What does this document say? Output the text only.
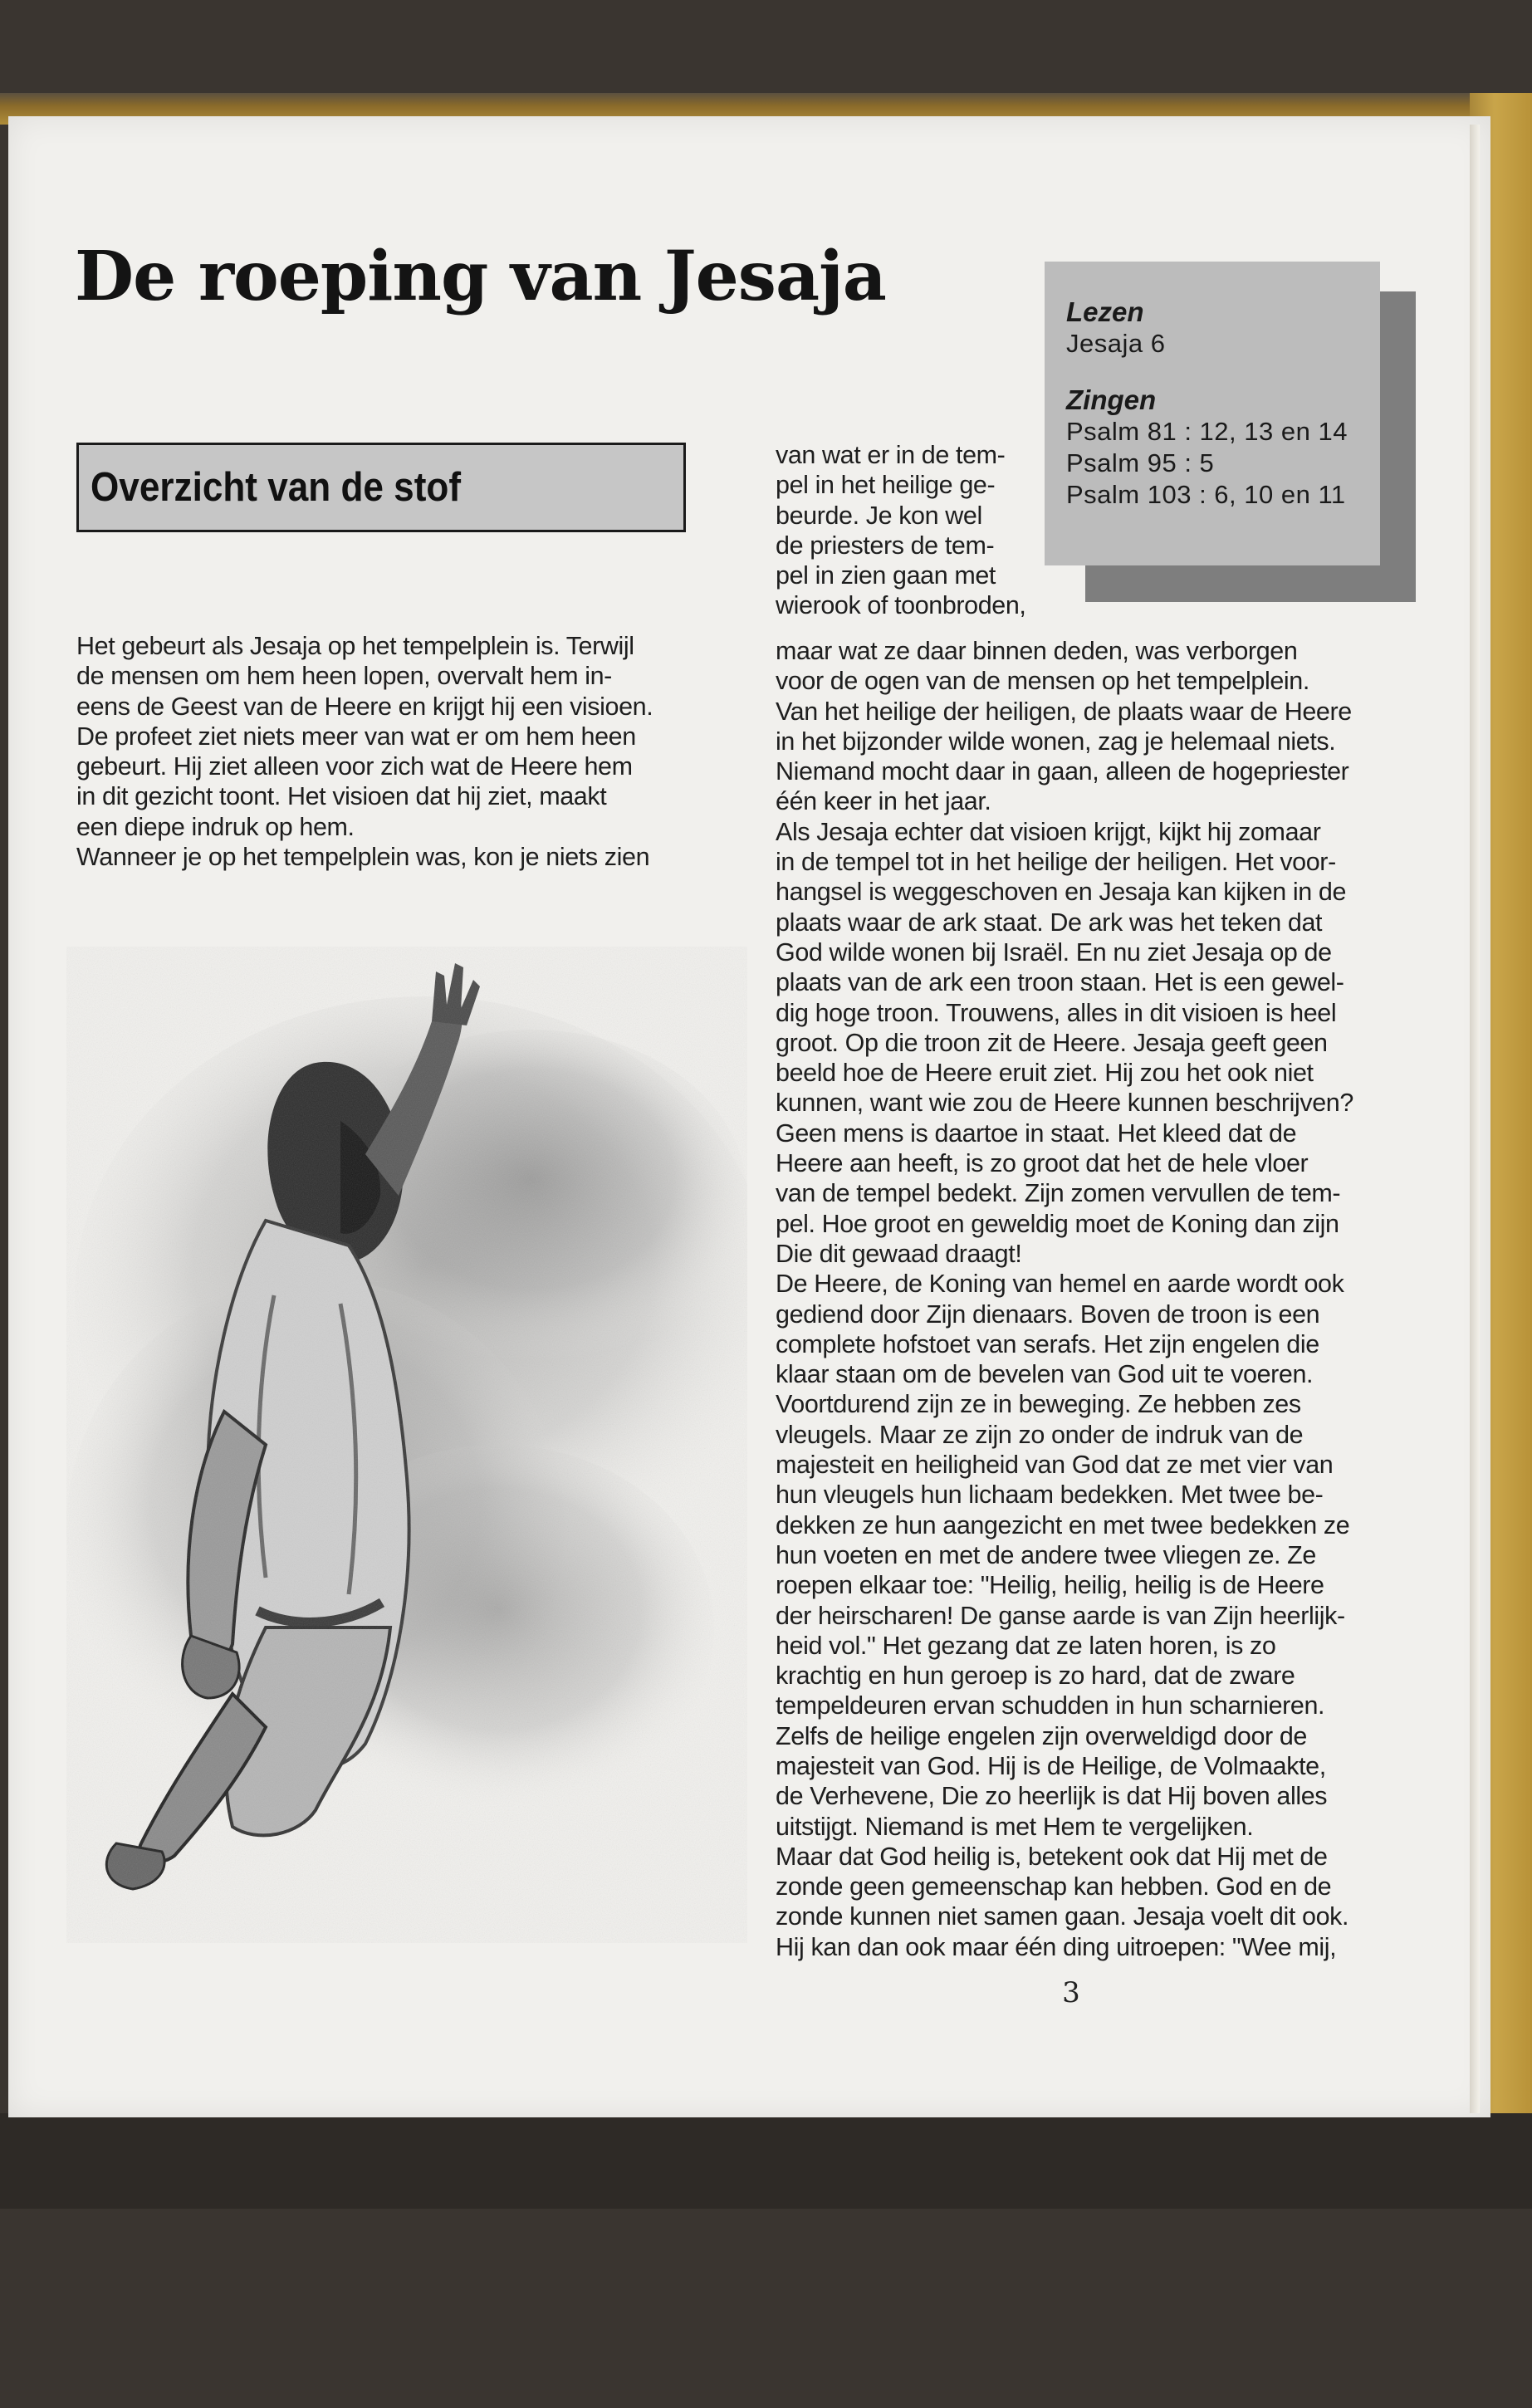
De roeping van Jesaja
Overzicht van de stof
Lezen
Jesaja 6
Zingen
Psalm 81 : 12, 13 en 14
Psalm 95 : 5
Psalm 103 : 6, 10 en 11
van wat er in de tem-
pel in het heilige ge-
beurde. Je kon wel
de priesters de tem-
pel in zien gaan met
wierook of toonbroden,
Het gebeurt als Jesaja op het tempelplein is. Terwijl
de mensen om hem heen lopen, overvalt hem in-
eens de Geest van de Heere en krijgt hij een visioen.
De profeet ziet niets meer van wat er om hem heen
gebeurt. Hij ziet alleen voor zich wat de Heere hem
in dit gezicht toont. Het visioen dat hij ziet, maakt
een diepe indruk op hem.
Wanneer je op het tempelplein was, kon je niets zien
maar wat ze daar binnen deden, was verborgen
voor de ogen van de mensen op het tempelplein.
Van het heilige der heiligen, de plaats waar de Heere
in het bijzonder wilde wonen, zag je helemaal niets.
Niemand mocht daar in gaan, alleen de hogepriester
één keer in het jaar.
Als Jesaja echter dat visioen krijgt, kijkt hij zomaar
in de tempel tot in het heilige der heiligen. Het voor-
hangsel is weggeschoven en Jesaja kan kijken in de
plaats waar de ark staat. De ark was het teken dat
God wilde wonen bij Israël. En nu ziet Jesaja op de
plaats van de ark een troon staan. Het is een gewel-
dig hoge troon. Trouwens, alles in dit visioen is heel
groot. Op die troon zit de Heere. Jesaja geeft geen
beeld hoe de Heere eruit ziet. Hij zou het ook niet
kunnen, want wie zou de Heere kunnen beschrijven?
Geen mens is daartoe in staat. Het kleed dat de
Heere aan heeft, is zo groot dat het de hele vloer
van de tempel bedekt. Zijn zomen vervullen de tem-
pel. Hoe groot en geweldig moet de Koning dan zijn
Die dit gewaad draagt!
De Heere, de Koning van hemel en aarde wordt ook
gediend door Zijn dienaars. Boven de troon is een
complete hofstoet van serafs. Het zijn engelen die
klaar staan om de bevelen van God uit te voeren.
Voortdurend zijn ze in beweging. Ze hebben zes
vleugels. Maar ze zijn zo onder de indruk van de
majesteit en heiligheid van God dat ze met vier van
hun vleugels hun lichaam bedekken. Met twee be-
dekken ze hun aangezicht en met twee bedekken ze
hun voeten en met de andere twee vliegen ze. Ze
roepen elkaar toe: "Heilig, heilig, heilig is de Heere
der heirscharen! De ganse aarde is van Zijn heerlijk-
heid vol." Het gezang dat ze laten horen, is zo
krachtig en hun geroep is zo hard, dat de zware
tempeldeuren ervan schudden in hun scharnieren.
Zelfs de heilige engelen zijn overweldigd door de
majesteit van God. Hij is de Heilige, de Volmaakte,
de Verhevene, Die zo heerlijk is dat Hij boven alles
uitstijgt. Niemand is met Hem te vergelijken.
Maar dat God heilig is, betekent ook dat Hij met de
zonde geen gemeenschap kan hebben. God en de
zonde kunnen niet samen gaan. Jesaja voelt dit ook.
Hij kan dan ook maar één ding uitroepen: "Wee mij,
3
